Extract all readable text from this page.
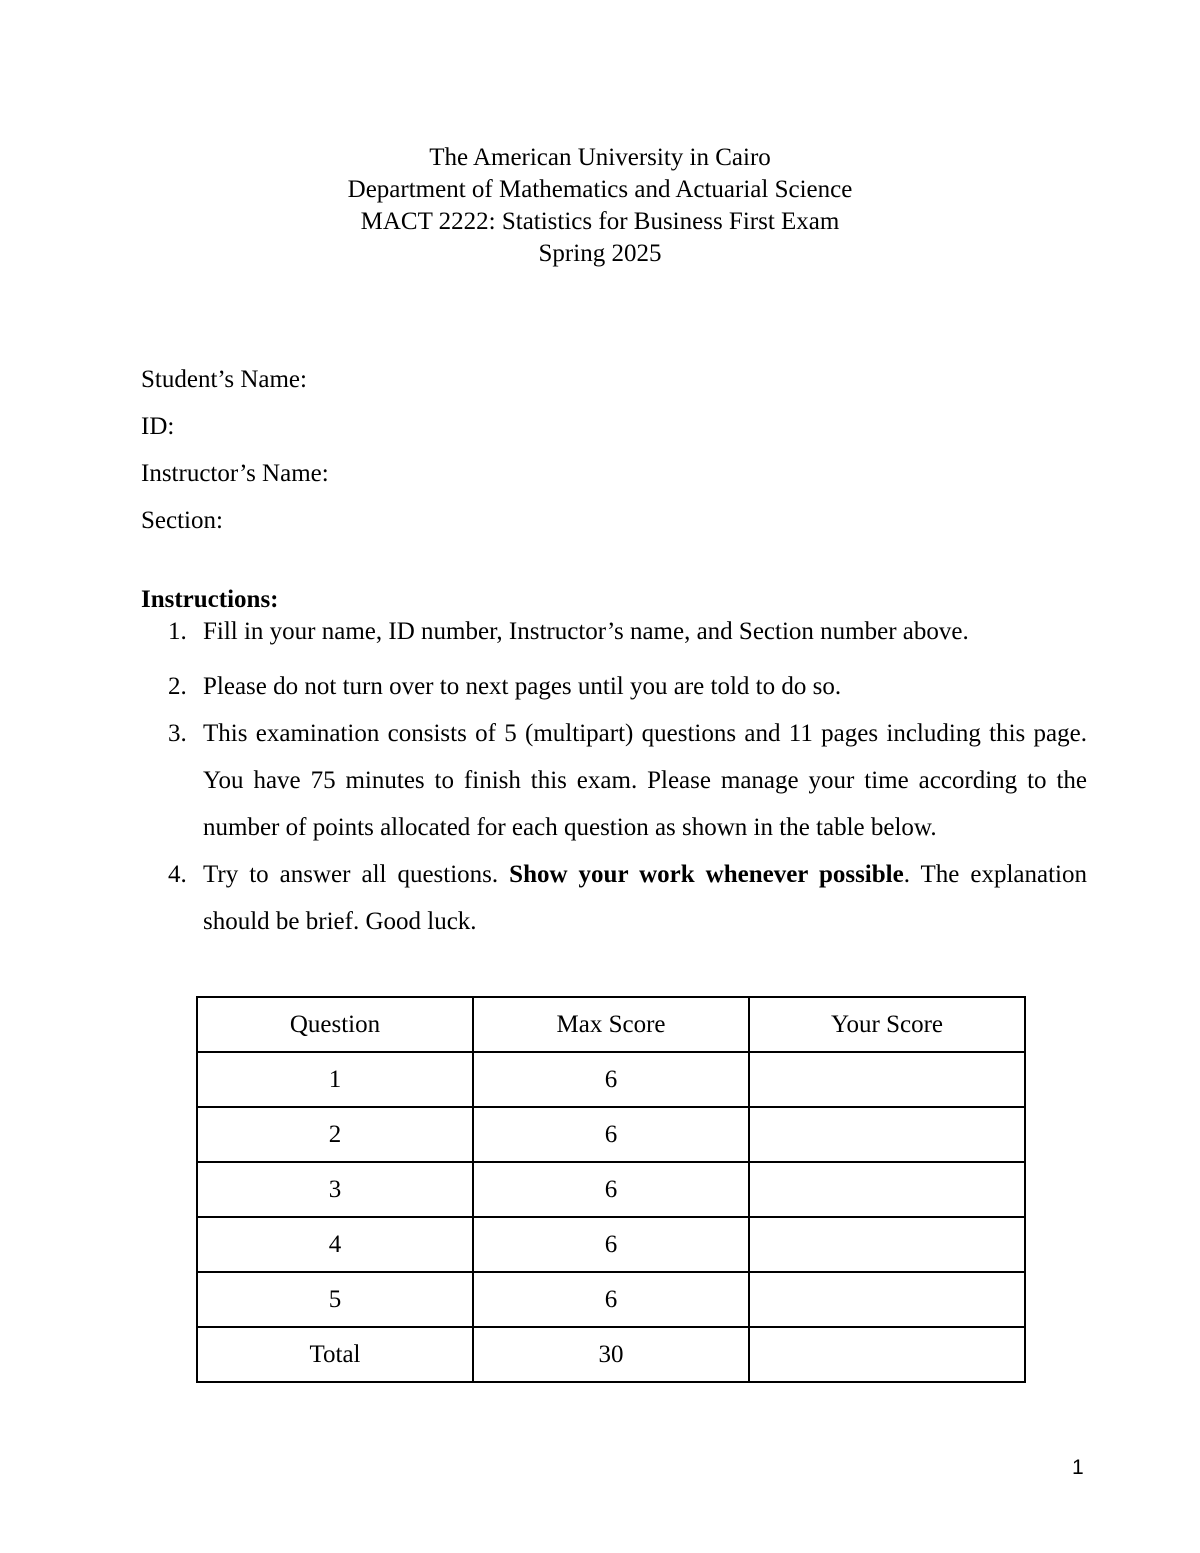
The American University in Cairo
Department of Mathematics and Actuarial Science
MACT 2222: Statistics for Business First Exam
Spring 2025
Student’s Name:
ID:
Instructor’s Name:
Section:
Instructions:
1. Fill in your name, ID number, Instructor’s name, and Section number above.
2. Please do not turn over to next pages until you are told to do so.
3. This examination consists of 5 (multipart) questions and 11 pages including this page. You have 75 minutes to finish this exam. Please manage your time according to the number of points allocated for each question as shown in the table below.
4. Try to answer all questions. Show your work whenever possible. The explanation should be brief. Good luck.
Question	Max Score	Your Score
1	6	
2	6	
3	6	
4	6	
5	6	
Total	30	
1
